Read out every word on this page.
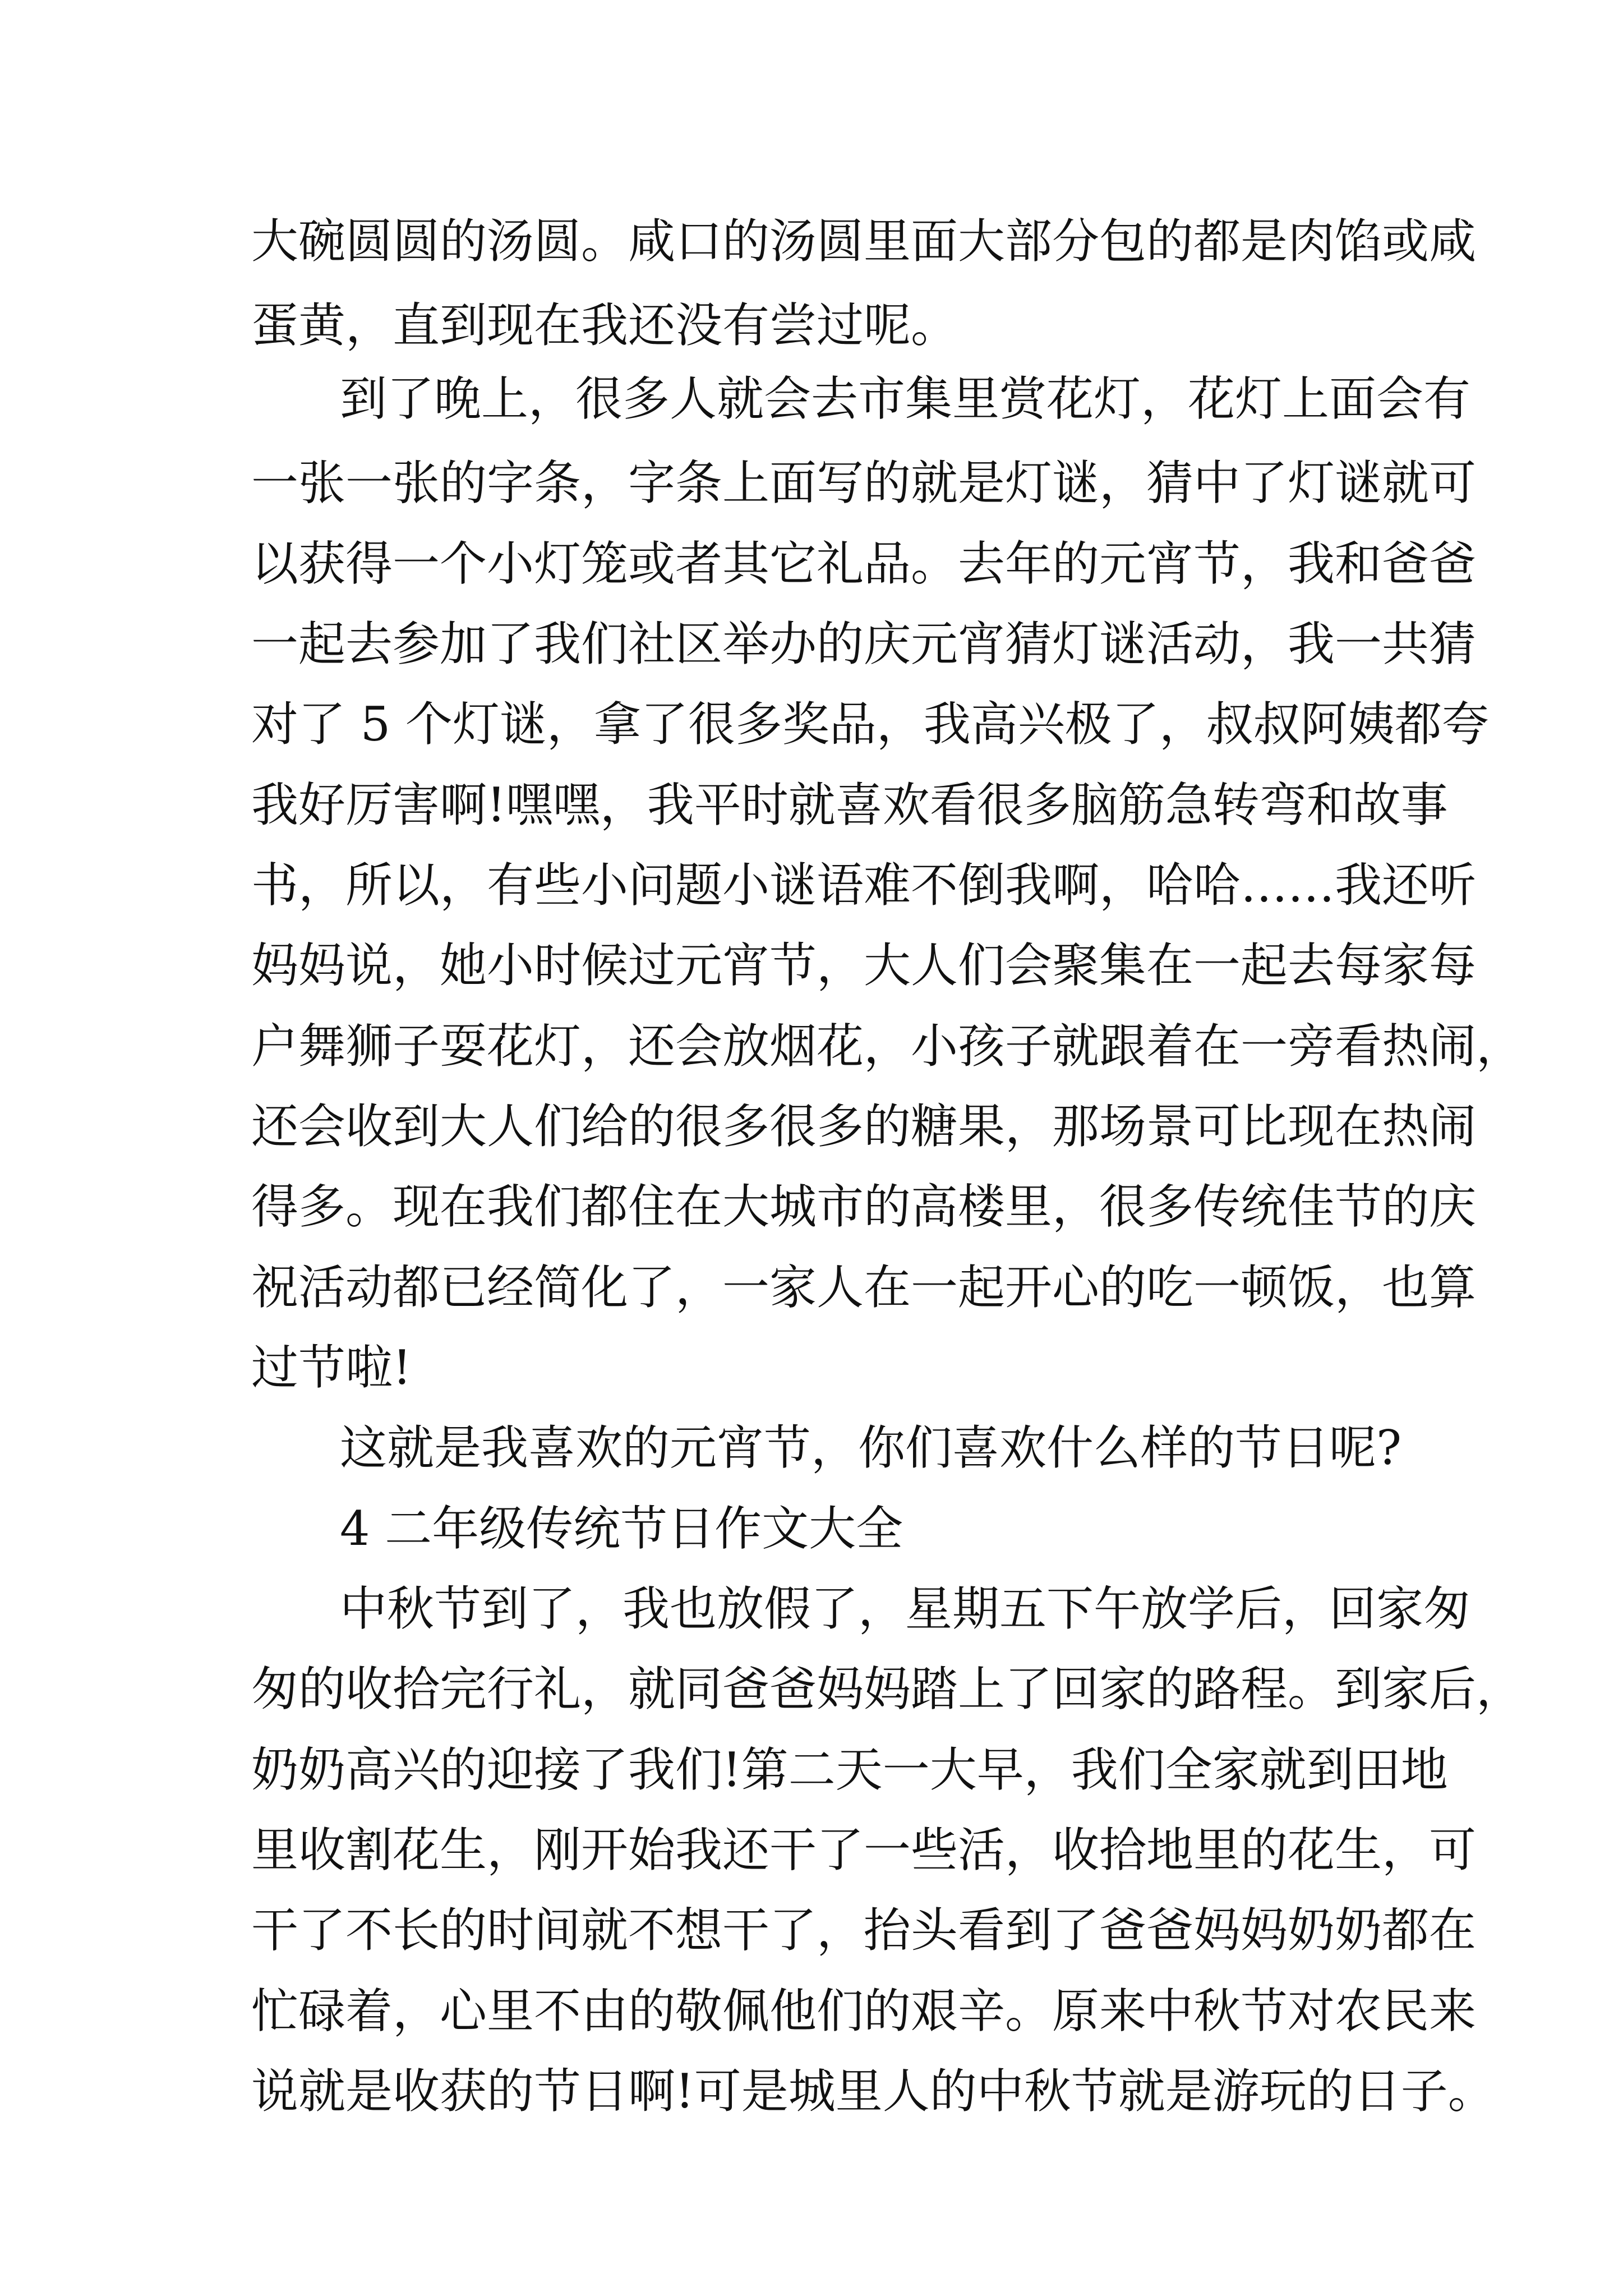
大碗圆圆的汤圆。咸口的汤圆里面大部分包的都是肉馅或咸

蛋黄，直到现在我还没有尝过呢。

到了晚上，很多人就会去市集里赏花灯，花灯上面会有

一张一张的字条，字条上面写的就是灯谜，猜中了灯谜就可

以获得一个小灯笼或者其它礼品。去年的元宵节，我和爸爸

一起去参加了我们社区举办的庆元宵猜灯谜活动，我一共猜

对了 5 个灯谜，拿了很多奖品，我高兴极了，叔叔阿姨都夸

我好厉害啊!嘿嘿，我平时就喜欢看很多脑筋急转弯和故事

书，所以，有些小问题小谜语难不倒我啊，哈哈……我还听

妈妈说，她小时候过元宵节，大人们会聚集在一起去每家每

户舞狮子耍花灯，还会放烟花，小孩子就跟着在一旁看热闹，

还会收到大人们给的很多很多的糖果，那场景可比现在热闹

得多。现在我们都住在大城市的高楼里，很多传统佳节的庆

祝活动都已经简化了，一家人在一起开心的吃一顿饭，也算

过节啦!

这就是我喜欢的元宵节，你们喜欢什么样的节日呢?

4 二年级传统节日作文大全

中秋节到了，我也放假了，星期五下午放学后，回家匆

匆的收拾完行礼，就同爸爸妈妈踏上了回家的路程。到家后，

奶奶高兴的迎接了我们!第二天一大早，我们全家就到田地

里收割花生，刚开始我还干了一些活，收拾地里的花生，可

干了不长的时间就不想干了，抬头看到了爸爸妈妈奶奶都在

忙碌着，心里不由的敬佩他们的艰辛。原来中秋节对农民来

说就是收获的节日啊!可是城里人的中秋节就是游玩的日子。
